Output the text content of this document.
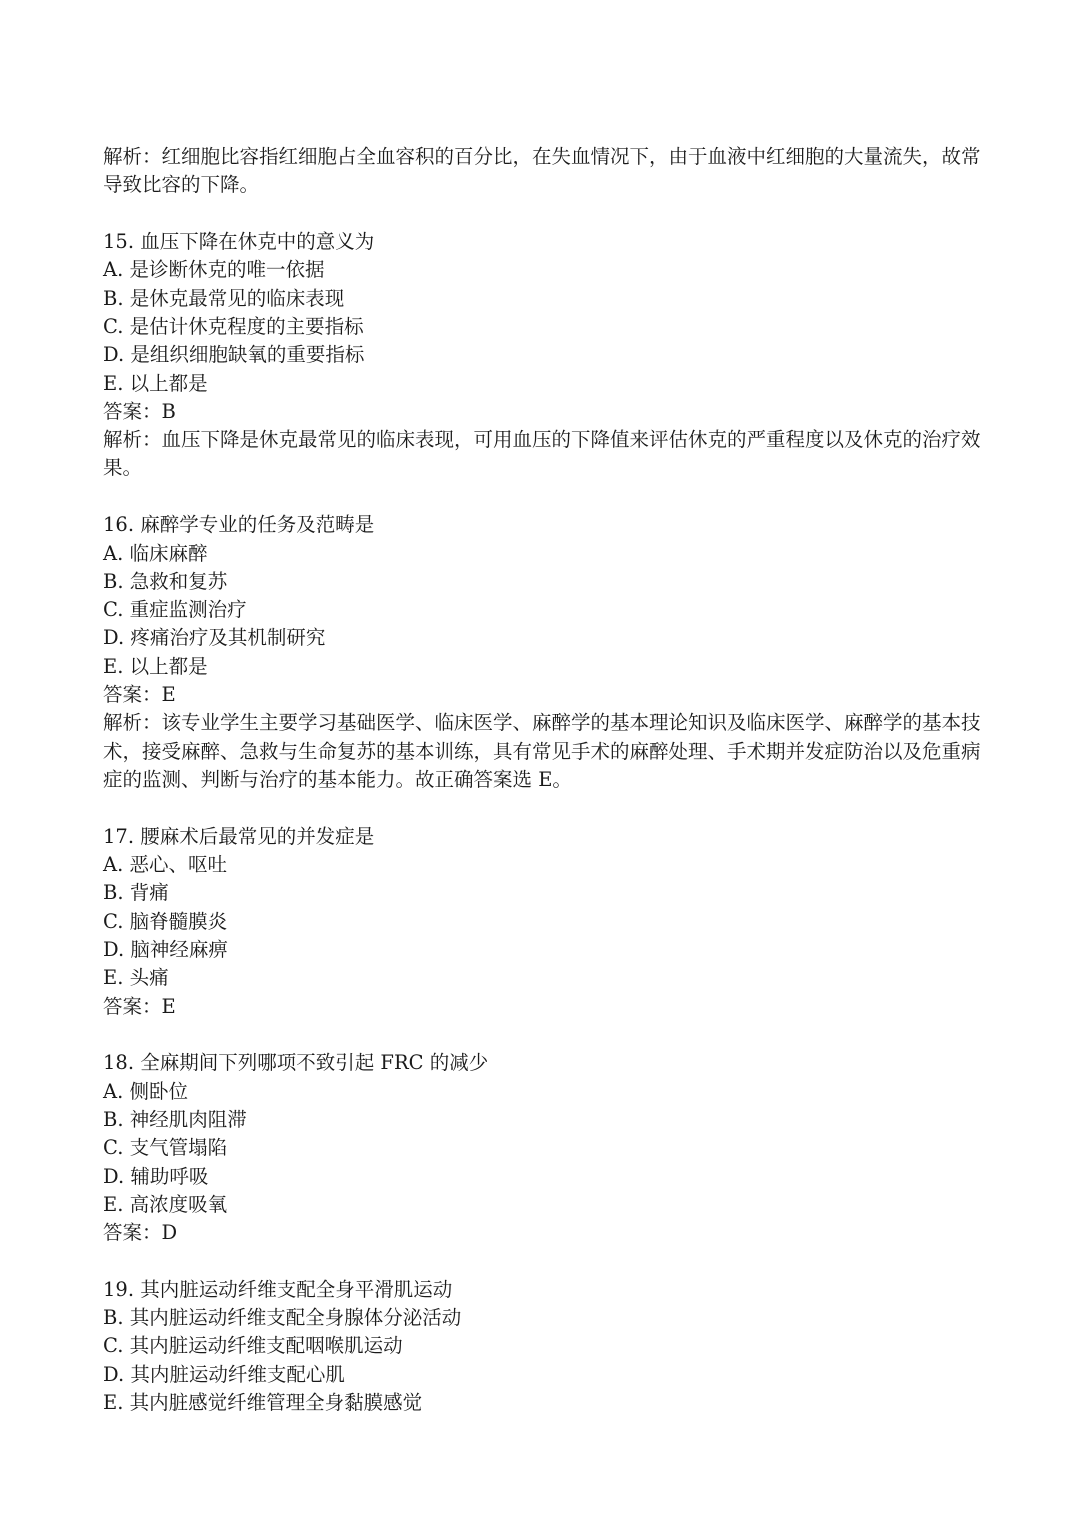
解析：红细胞比容指红细胞占全血容积的百分比，在失血情况下，由于血液中红细胞的大量流失，故常导致比容的下降。
15. 血压下降在休克中的意义为
A. 是诊断休克的唯一依据
B. 是休克最常见的临床表现
C. 是估计休克程度的主要指标
D. 是组织细胞缺氧的重要指标
E. 以上都是
答案：B
解析：血压下降是休克最常见的临床表现，可用血压的下降值来评估休克的严重程度以及休克的治疗效果。
16. 麻醉学专业的任务及范畴是
A. 临床麻醉
B. 急救和复苏
C. 重症监测治疗
D. 疼痛治疗及其机制研究
E. 以上都是
答案：E
解析：该专业学生主要学习基础医学、临床医学、麻醉学的基本理论知识及临床医学、麻醉学的基本技术，接受麻醉、急救与生命复苏的基本训练，具有常见手术的麻醉处理、手术期并发症防治以及危重病症的监测、判断与治疗的基本能力。故正确答案选 E。
17. 腰麻术后最常见的并发症是
A. 恶心、呕吐
B. 背痛
C. 脑脊髓膜炎
D. 脑神经麻痹
E. 头痛
答案：E
18. 全麻期间下列哪项不致引起 FRC 的减少
A. 侧卧位
B. 神经肌肉阻滞
C. 支气管塌陷
D. 辅助呼吸
E. 高浓度吸氧
答案：D
19. 其内脏运动纤维支配全身平滑肌运动
B. 其内脏运动纤维支配全身腺体分泌活动
C. 其内脏运动纤维支配咽喉肌运动
D. 其内脏运动纤维支配心肌
E. 其内脏感觉纤维管理全身黏膜感觉
